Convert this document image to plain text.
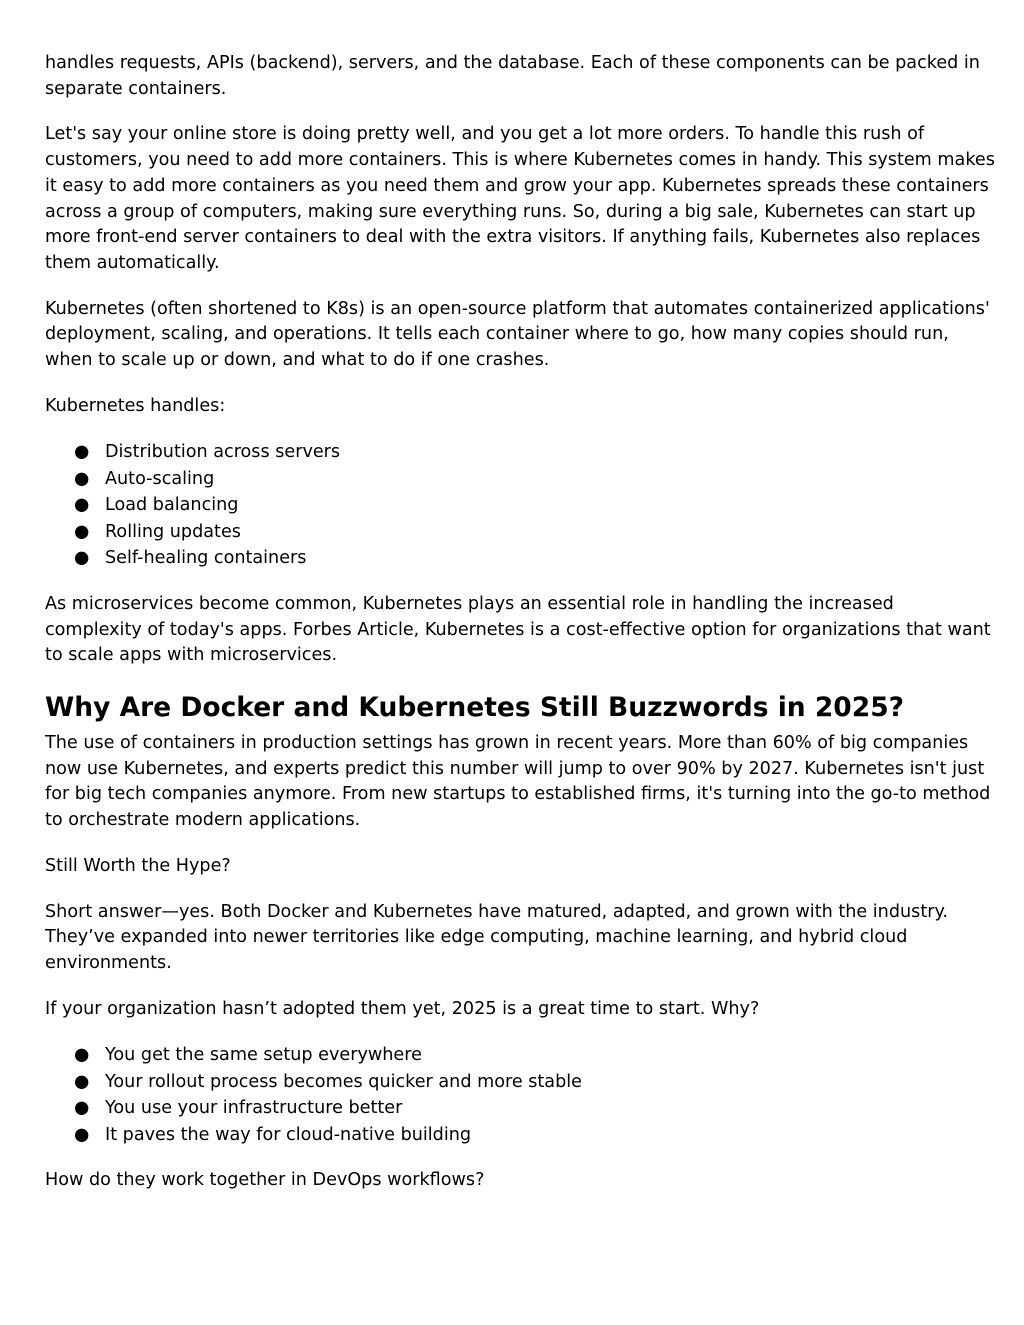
handles requests, APIs (backend), servers, and the database. Each of these components can be packed in separate containers.

Let's say your online store is doing pretty well, and you get a lot more orders. To handle this rush of customers, you need to add more containers. This is where Kubernetes comes in handy. This system makes it easy to add more containers as you need them and grow your app. Kubernetes spreads these containers across a group of computers, making sure everything runs. So, during a big sale, Kubernetes can start up more front-end server containers to deal with the extra visitors. If anything fails, Kubernetes also replaces them automatically.

Kubernetes (often shortened to K8s) is an open-source platform that automates containerized applications' deployment, scaling, and operations. It tells each container where to go, how many copies should run, when to scale up or down, and what to do if one crashes.

Kubernetes handles:

● Distribution across servers
● Auto-scaling
● Load balancing
● Rolling updates
● Self-healing containers

As microservices become common, Kubernetes plays an essential role in handling the increased complexity of today's apps. Forbes Article, Kubernetes is a cost-effective option for organizations that want to scale apps with microservices.

Why Are Docker and Kubernetes Still Buzzwords in 2025?

The use of containers in production settings has grown in recent years. More than 60% of big companies now use Kubernetes, and experts predict this number will jump to over 90% by 2027. Kubernetes isn't just for big tech companies anymore. From new startups to established firms, it's turning into the go-to method to orchestrate modern applications.

Still Worth the Hype?

Short answer—yes. Both Docker and Kubernetes have matured, adapted, and grown with the industry. They’ve expanded into newer territories like edge computing, machine learning, and hybrid cloud environments.

If your organization hasn’t adopted them yet, 2025 is a great time to start. Why?

● You get the same setup everywhere
● Your rollout process becomes quicker and more stable
● You use your infrastructure better
● It paves the way for cloud-native building

How do they work together in DevOps workflows?
